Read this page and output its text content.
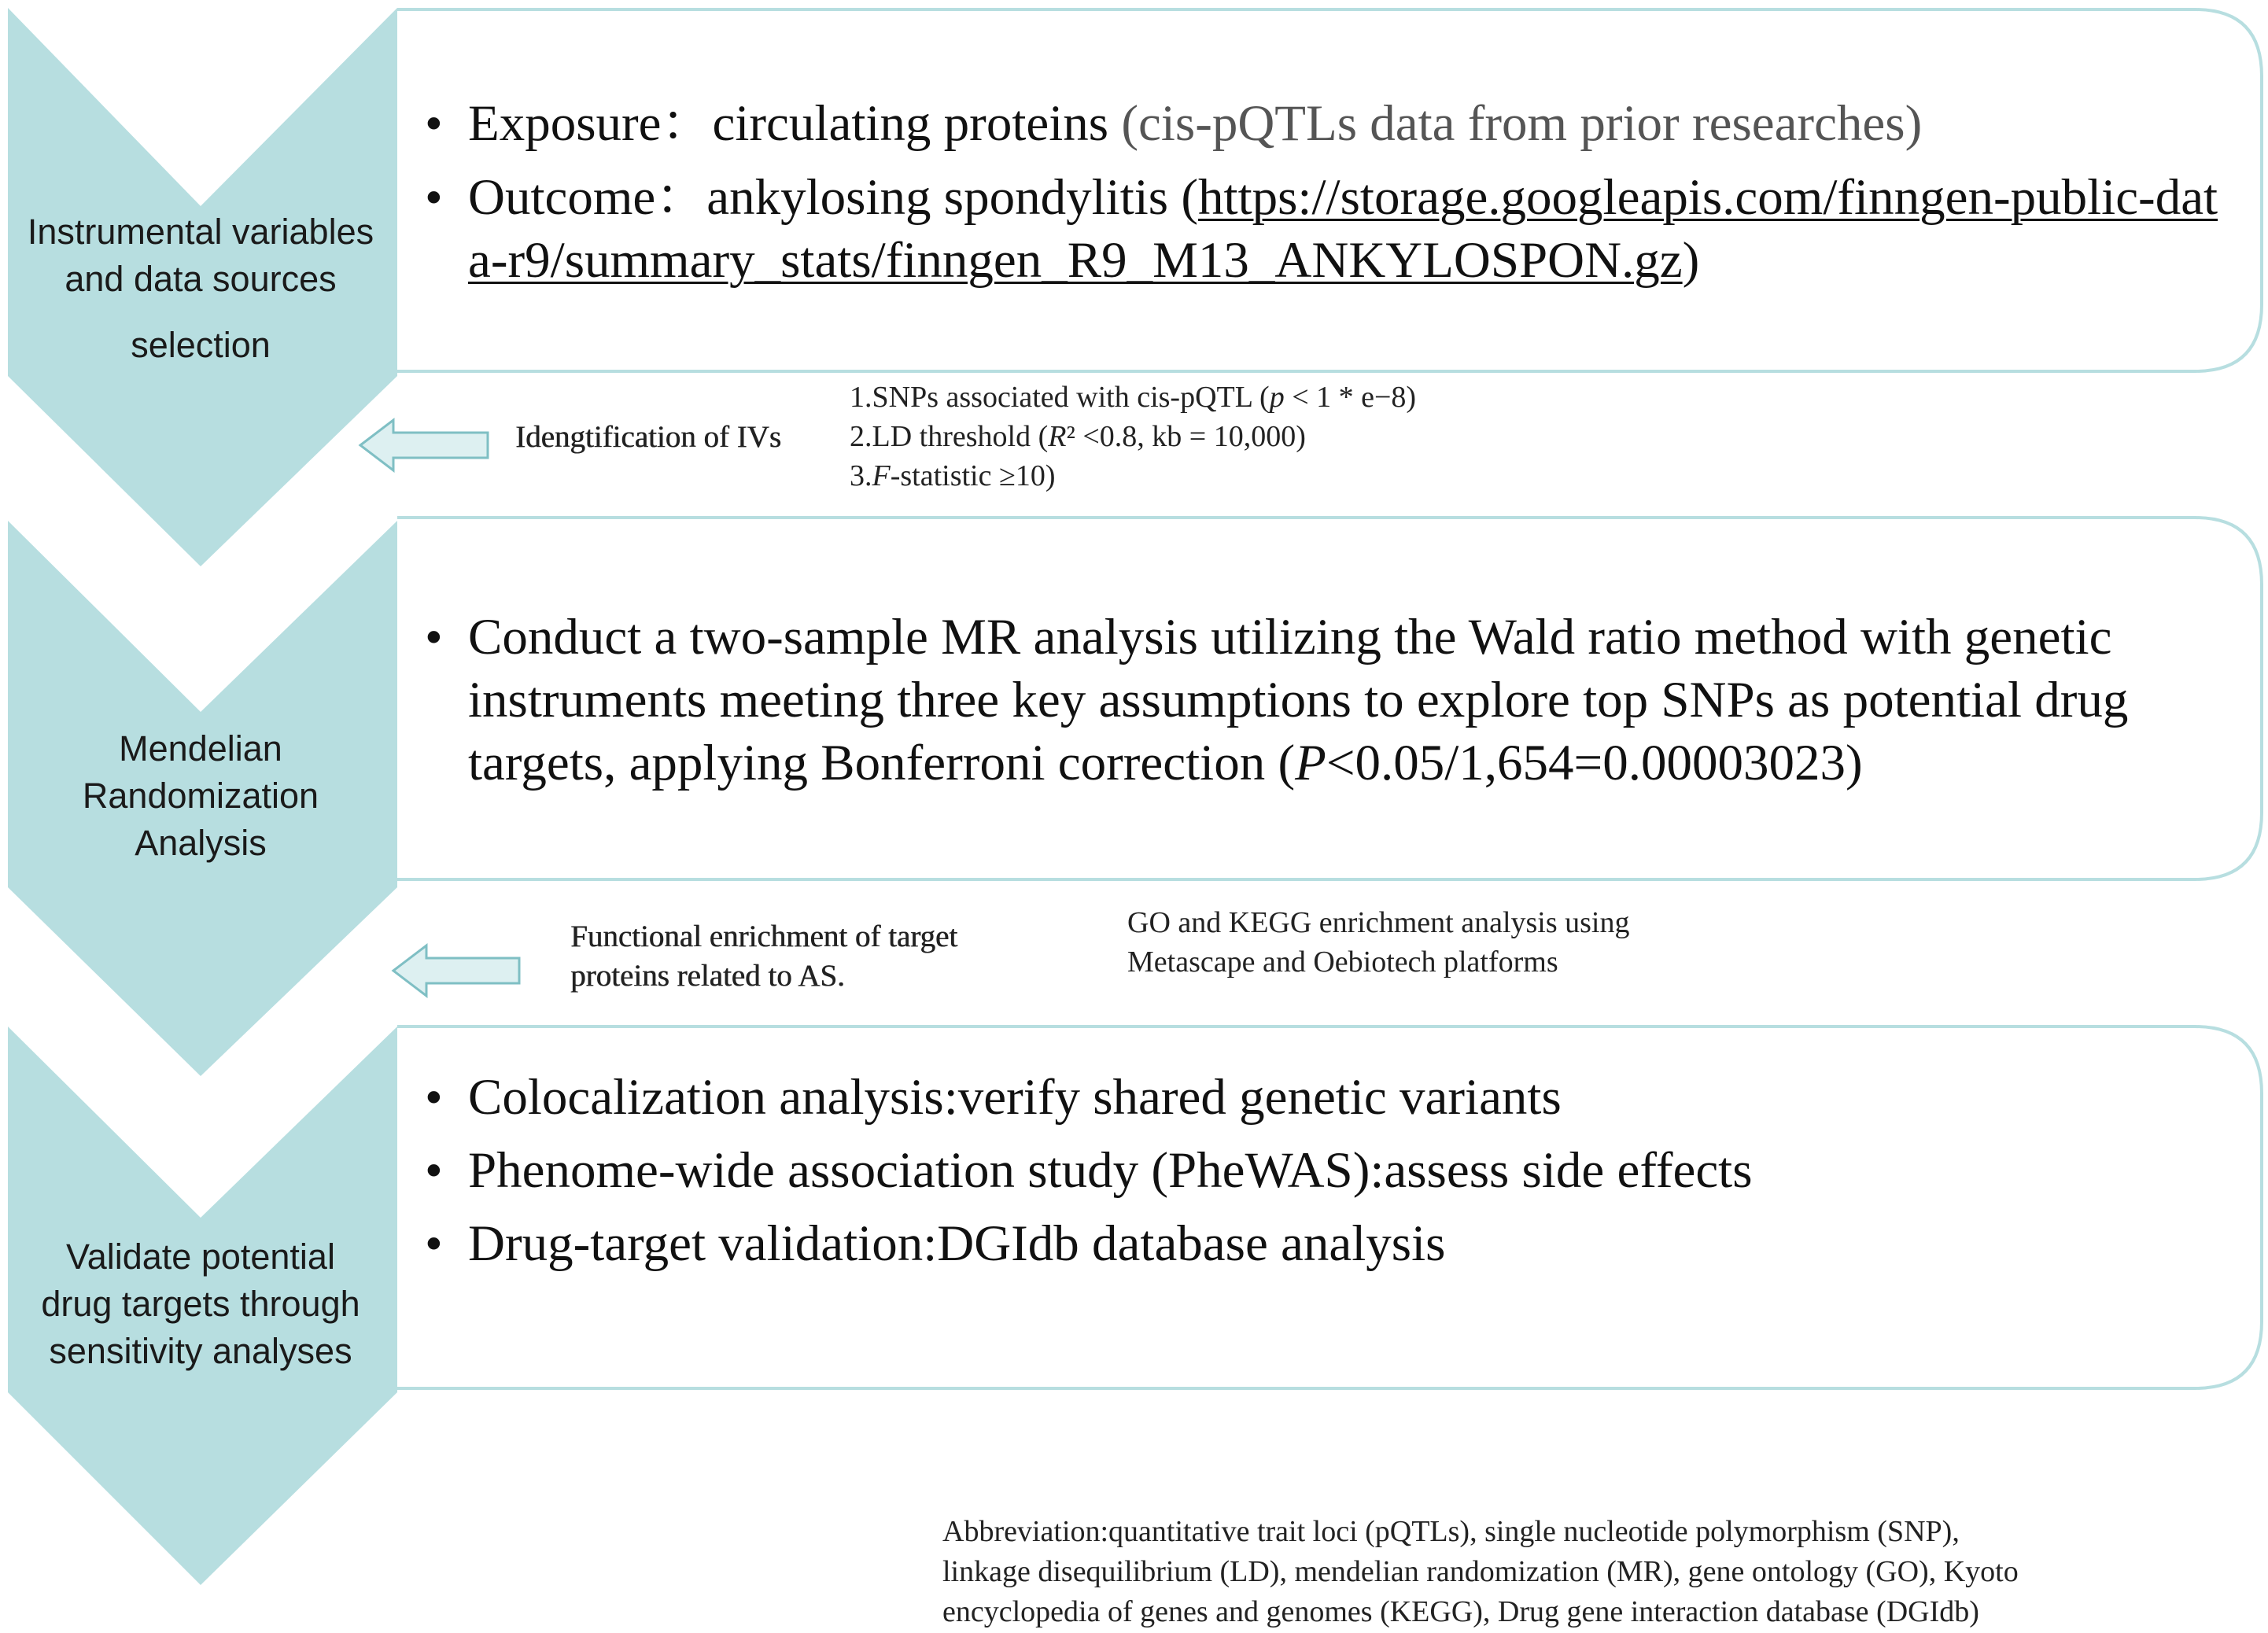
Instrumental variables
and data sources
selection
Mendelian
Randomization
Analysis
Validate potential
drug targets through
sensitivity analyses
• Exposure：circulating proteins (cis-pQTLs data from prior researches)
• Outcome：ankylosing spondylitis (https://storage.googleapis.com/finngen-public-data-r9/summary_stats/finngen_R9_M13_ANKYLOSPON.gz)
Idengtification of IVs
1.SNPs associated with cis-pQTL (p < 1 * e−8)
2.LD threshold (R² <0.8, kb = 10,000)
3.F-statistic ≥10)
• Conduct a two-sample MR analysis utilizing the Wald ratio method with genetic instruments meeting three key assumptions to explore top SNPs as potential drug targets, applying Bonferroni correction (P<0.05/1,654=0.00003023)
Functional enrichment of target
proteins related to AS.
GO and KEGG enrichment analysis using
Metascape and Oebiotech platforms
• Colocalization analysis:verify shared genetic variants
• Phenome-wide association study (PheWAS):assess side effects
• Drug-target validation:DGIdb database analysis
Abbreviation:quantitative trait loci (pQTLs), single nucleotide polymorphism (SNP),
linkage disequilibrium (LD), mendelian randomization (MR), gene ontology (GO), Kyoto
encyclopedia of genes and genomes (KEGG), Drug gene interaction database (DGIdb)
